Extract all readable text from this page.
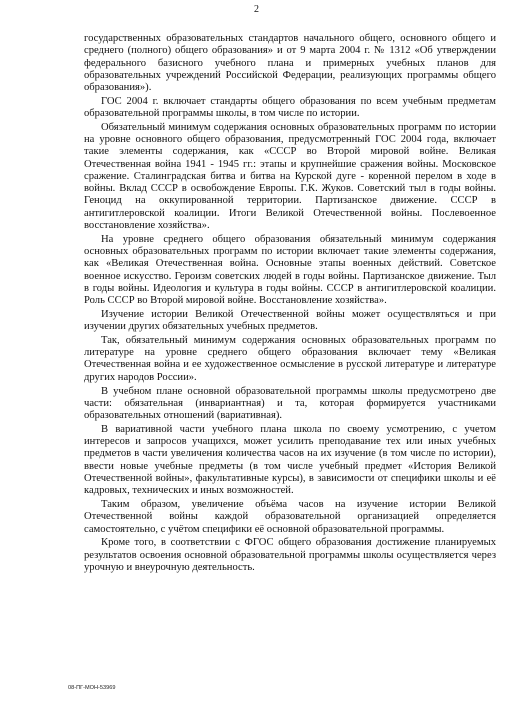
2

государственных образовательных стандартов начального общего, основного общего и среднего (полного) общего образования» и от 9 марта 2004 г. № 1312 «Об утверждении федерального базисного учебного плана и примерных учебных планов для образовательных учреждений Российской Федерации, реализующих программы общего образования»).

ГОС 2004 г. включает стандарты общего образования по всем учебным предметам образовательной программы школы, в том числе по истории.

Обязательный минимум содержания основных образовательных программ по истории на уровне основного общего образования, предусмотренный ГОС 2004 года, включает такие элементы содержания, как «СССР во Второй мировой войне. Великая Отечественная война 1941 - 1945 гг.: этапы и крупнейшие сражения войны. Московское сражение. Сталинградская битва и битва на Курской дуге - коренной перелом в ходе в войны. Вклад СССР в освобождение Европы. Г.К. Жуков. Советский тыл в годы войны. Геноцид на оккупированной территории. Партизанское движение. СССР в антигитлеровской коалиции. Итоги Великой Отечественной войны. Послевоенное восстановление хозяйства».

На уровне среднего общего образования обязательный минимум содержания основных образовательных программ по истории включает такие элементы содержания, как «Великая Отечественная война. Основные этапы военных действий. Советское военное искусство. Героизм советских людей в годы войны. Партизанское движение. Тыл в годы войны. Идеология и культура в годы войны. СССР в антигитлеровской коалиции. Роль СССР во Второй мировой войне. Восстановление хозяйства».

Изучение истории Великой Отечественной войны может осуществляться и при изучении других обязательных учебных предметов.

Так, обязательный минимум содержания основных образовательных программ по литературе на уровне среднего общего образования включает тему «Великая Отечественная война и ее художественное осмысление в русской литературе и литературе других народов России».

В учебном плане основной образовательной программы школы предусмотрено две части: обязательная (инвариантная) и та, которая формируется участниками образовательных отношений (вариативная).

В вариативной части учебного плана школа по своему усмотрению, с учетом интересов и запросов учащихся, может усилить преподавание тех или иных учебных предметов в части увеличения количества часов на их изучение (в том числе по истории), ввести новые учебные предметы (в том числе учебный предмет «История Великой Отечественной войны», факультативные курсы), в зависимости от специфики школы и её кадровых, технических и иных возможностей.

Таким образом, увеличение объёма часов на изучение истории Великой Отечественной войны каждой образовательной организацией определяется самостоятельно, с учётом специфики её основной образовательной программы.

Кроме того, в соответствии с ФГОС общего образования достижение планируемых результатов освоения основной образовательной программы школы осуществляется через урочную и внеурочную деятельность.

08-ПГ-МОН-53969
